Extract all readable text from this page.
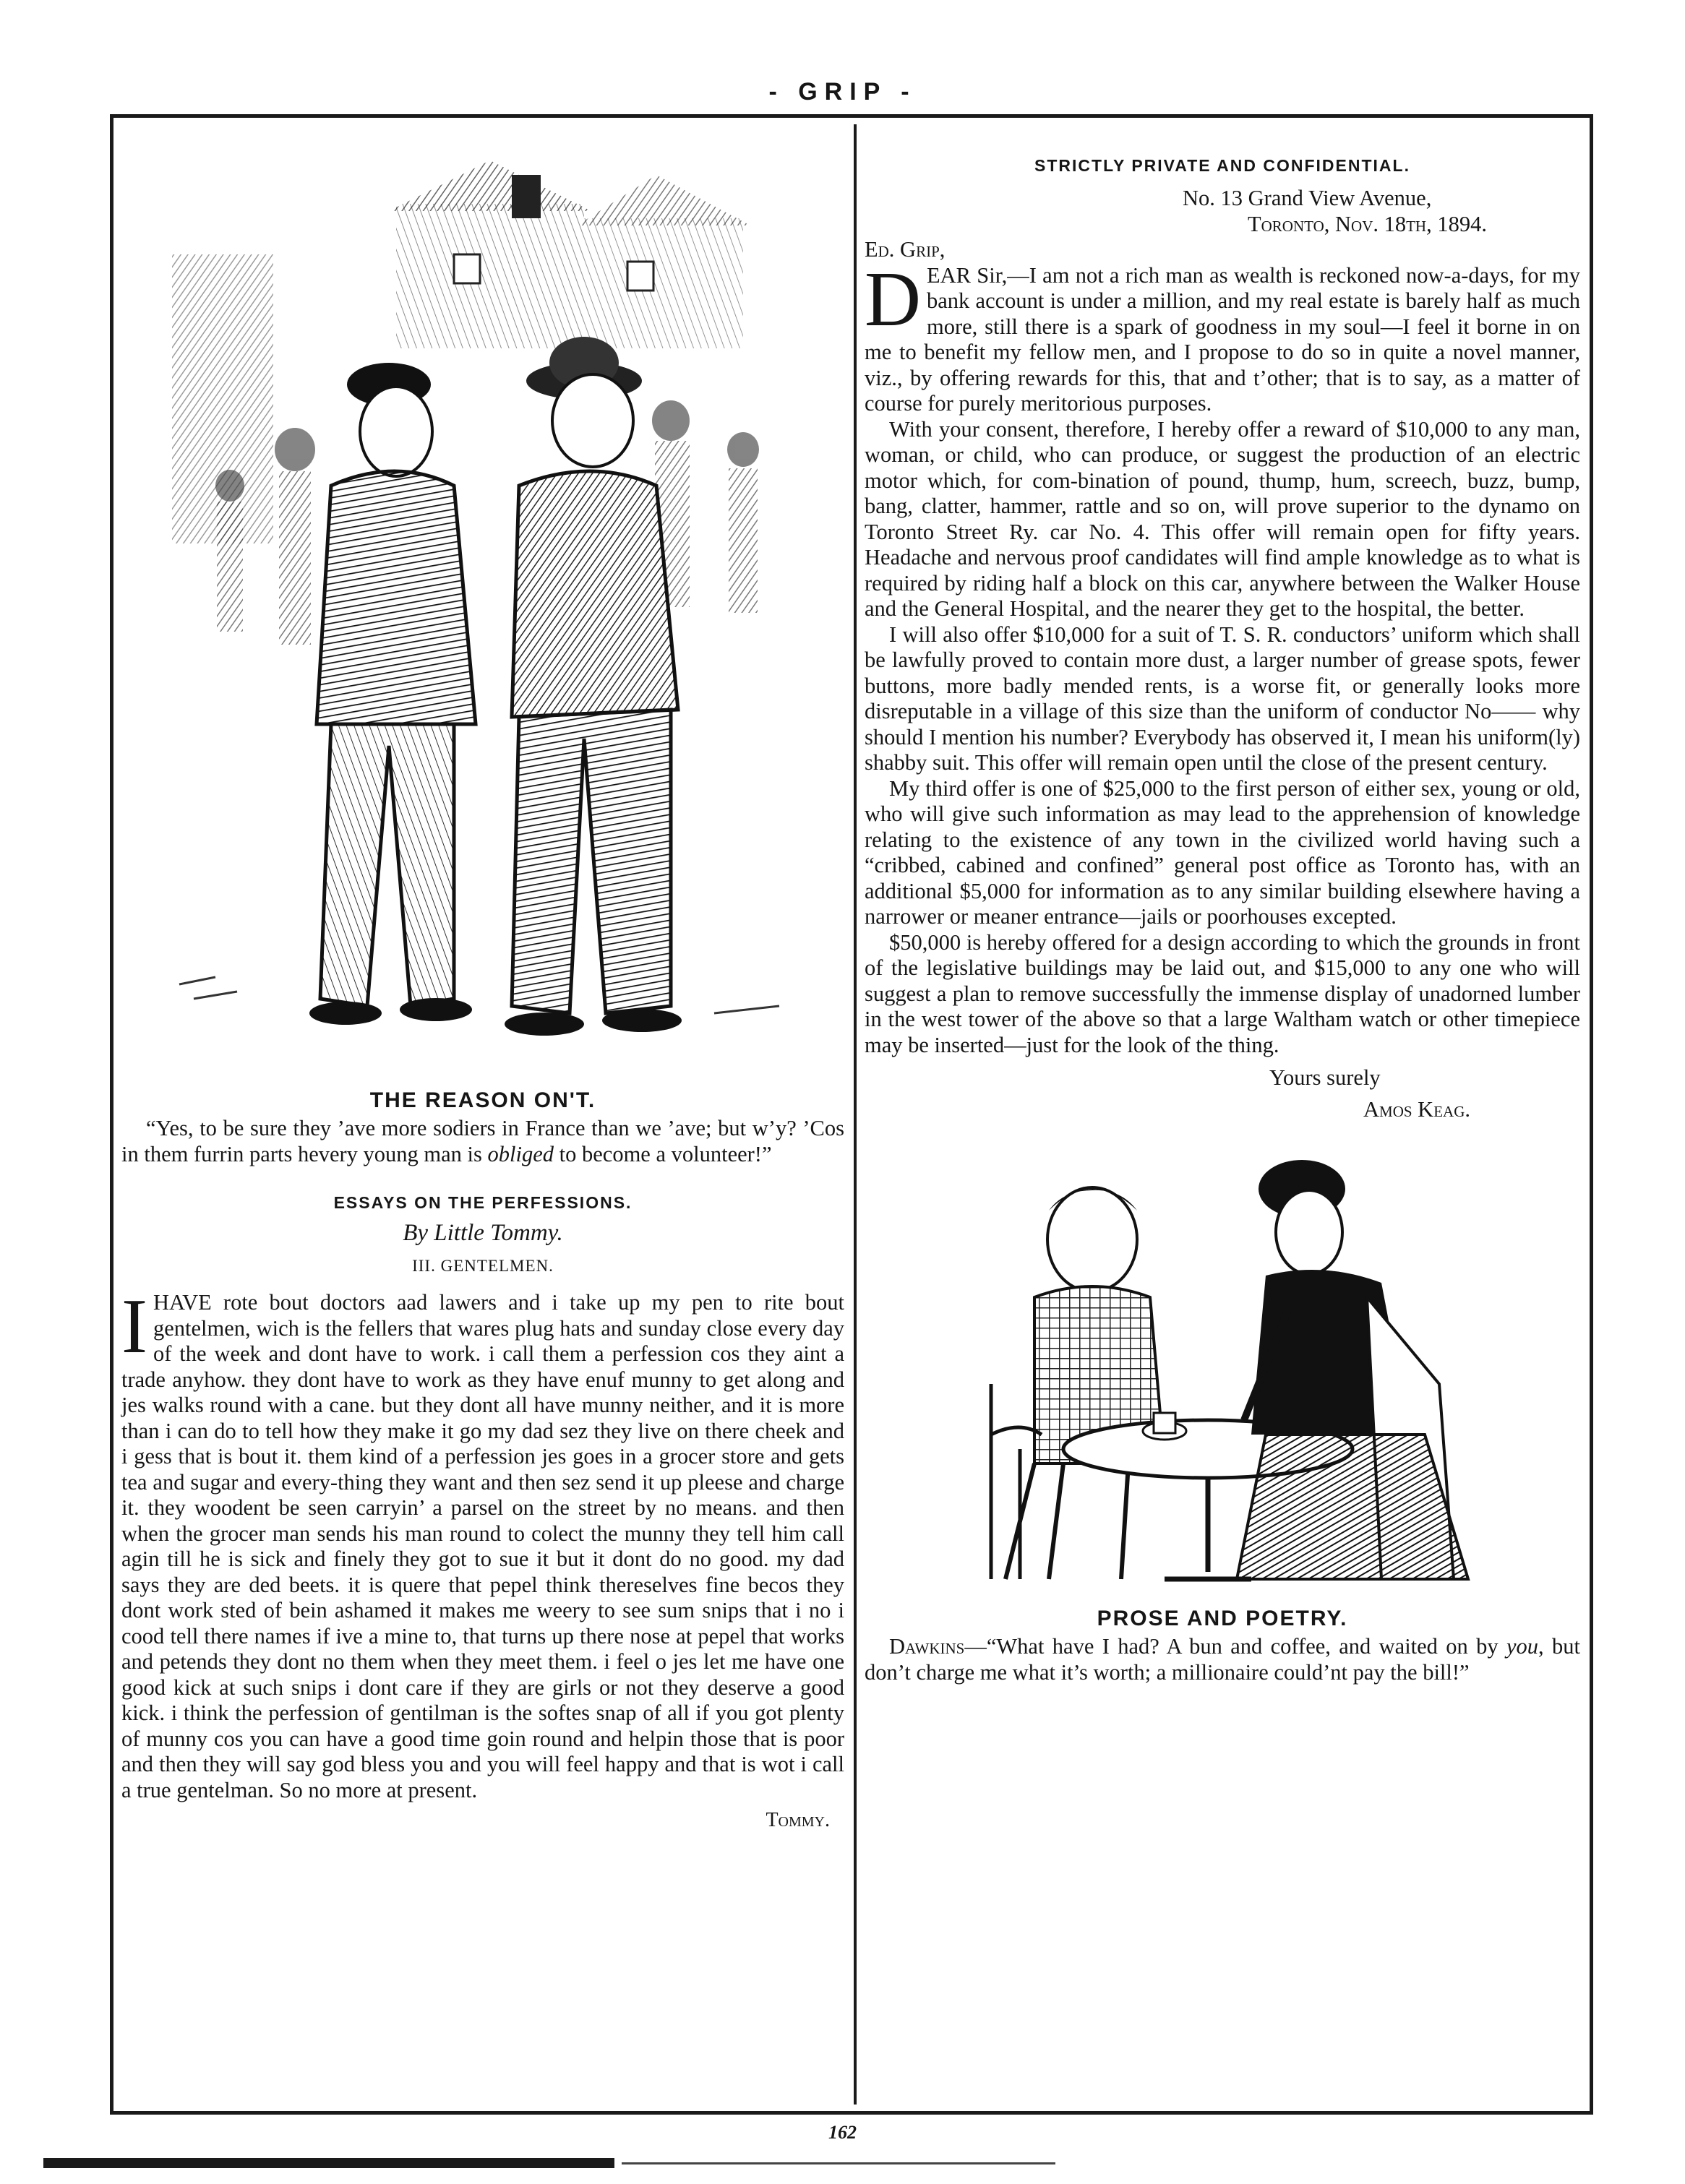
- GRIP -
THE REASON ON'T.
“Yes, to be sure they ’ave more sodiers in France than we ’ave; but w’y? ’Cos in them furrin parts hevery young man is obliged to become a volunteer!”
ESSAYS ON THE PERFESSIONS.
By Little Tommy.
III. GENTELMEN.
IHAVE rote bout doctors aad lawers and i take up my pen to rite bout gentelmen, wich is the fellers that wares plug hats and sunday close every day of the week and dont have to work. i call them a perfession cos they aint a trade anyhow. they dont have to work as they have enuf munny to get along and jes walks round with a cane. but they dont all have munny neither, and it is more than i can do to tell how they make it go my dad sez they live on there cheek and i gess that is bout it. them kind of a perfession jes goes in a grocer store and gets tea and sugar and every-thing they want and then sez send it up pleese and charge it. they woodent be seen carryin’ a parsel on the street by no means. and then when the grocer man sends his man round to colect the munny they tell him call agin till he is sick and finely they got to sue it but it dont do no good. my dad says they are ded beets. it is quere that pepel think thereselves fine becos they dont work sted of bein ashamed it makes me weery to see sum snips that i no i cood tell there names if ive a mine to, that turns up there nose at pepel that works and petends they dont no them when they meet them. i feel o jes let me have one good kick at such snips i dont care if they are girls or not they deserve a good kick. i think the perfession of gentilman is the softes snap of all if you got plenty of munny cos you can have a good time goin round and helpin those that is poor and then they will say god bless you and you will feel happy and that is wot i call a true gentelman. So no more at present.
Tommy.
STRICTLY PRIVATE AND CONFIDENTIAL.
No. 13 Grand View Avenue,
Toronto, Nov. 18th, 1894.
Ed. Grip,
DEAR Sir,—I am not a rich man as wealth is reckoned now-a-days, for my bank account is under a million, and my real estate is barely half as much more, still there is a spark of goodness in my soul—I feel it borne in on me to benefit my fellow men, and I propose to do so in quite a novel manner, viz., by offering rewards for this, that and t’other; that is to say, as a matter of course for purely meritorious purposes.
With your consent, therefore, I hereby offer a reward of $10,000 to any man, woman, or child, who can produce, or suggest the production of an electric motor which, for com-bination of pound, thump, hum, screech, buzz, bump, bang, clatter, hammer, rattle and so on, will prove superior to the dynamo on Toronto Street Ry. car No. 4. This offer will remain open for fifty years. Headache and nervous proof candidates will find ample knowledge as to what is required by riding half a block on this car, anywhere between the Walker House and the General Hospital, and the nearer they get to the hospital, the better.
I will also offer $10,000 for a suit of T. S. R. conductors’ uniform which shall be lawfully proved to contain more dust, a larger number of grease spots, fewer buttons, more badly mended rents, is a worse fit, or generally looks more disreputable in a village of this size than the uniform of conductor No—— why should I mention his number? Everybody has observed it, I mean his uniform(ly) shabby suit. This offer will remain open until the close of the present century.
My third offer is one of $25,000 to the first person of either sex, young or old, who will give such information as may lead to the apprehension of knowledge relating to the existence of any town in the civilized world having such a “cribbed, cabined and confined” general post office as Toronto has, with an additional $5,000 for information as to any similar building elsewhere having a narrower or meaner entrance—jails or poorhouses excepted.
$50,000 is hereby offered for a design according to which the grounds in front of the legislative buildings may be laid out, and $15,000 to any one who will suggest a plan to remove successfully the immense display of unadorned lumber in the west tower of the above so that a large Waltham watch or other timepiece may be inserted—just for the look of the thing.
Yours surely
Amos Keag.
PROSE AND POETRY.
Dawkins—“What have I had? A bun and coffee, and waited on by you, but don’t charge me what it’s worth; a millionaire could’nt pay the bill!”
162
